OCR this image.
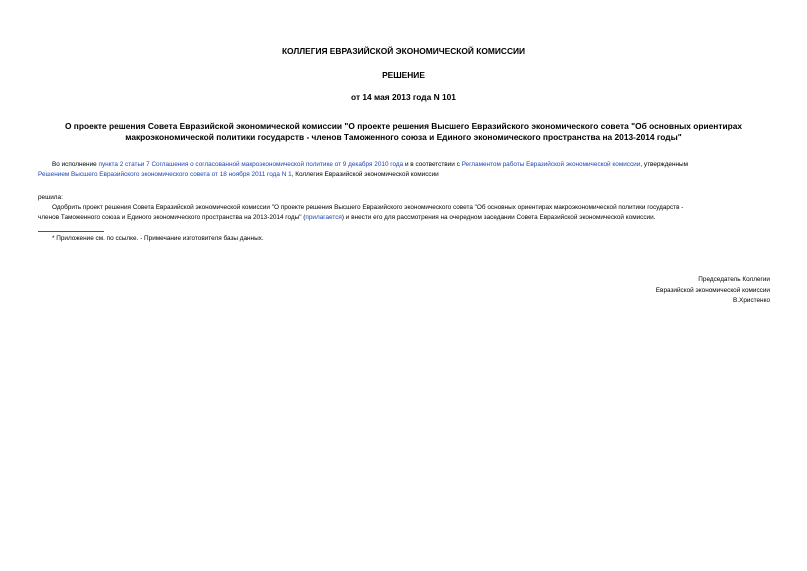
КОЛЛЕГИЯ ЕВРАЗИЙСКОЙ ЭКОНОМИЧЕСКОЙ КОМИССИИ
РЕШЕНИЕ
от 14 мая 2013 года N 101
О проекте решения Совета Евразийской экономической комиссии "О проекте решения Высшего Евразийского экономического совета "Об основных ориентирах макроэкономической политики государств - членов Таможенного союза и Единого экономического пространства на 2013-2014 годы"
Во исполнение пункта 2 статьи 7 Соглашения о согласованной макроэкономической политике от 9 декабря 2010 года и в соответствии с Регламентом работы Евразийской экономической комиссии, утвержденным
Решением Высшего Евразийского экономического совета от 18 ноября 2011 года N 1, Коллегия Евразийской экономической комиссии
решила:
Одобрить проект решения Совета Евразийской экономической комиссии "О проекте решения Высшего Евразийского экономического совета "Об основных ориентирах макроэкономической политики государств -
членов Таможенного союза и Единого экономического пространства на 2013-2014 годы" (прилагается) и внести его для рассмотрения на очередном заседании Совета Евразийской экономической комиссии.
* Приложение см. по ссылке. - Примечание изготовителя базы данных.
Председатель Коллегии
Евразийской экономической комиссии
В.Христенко
